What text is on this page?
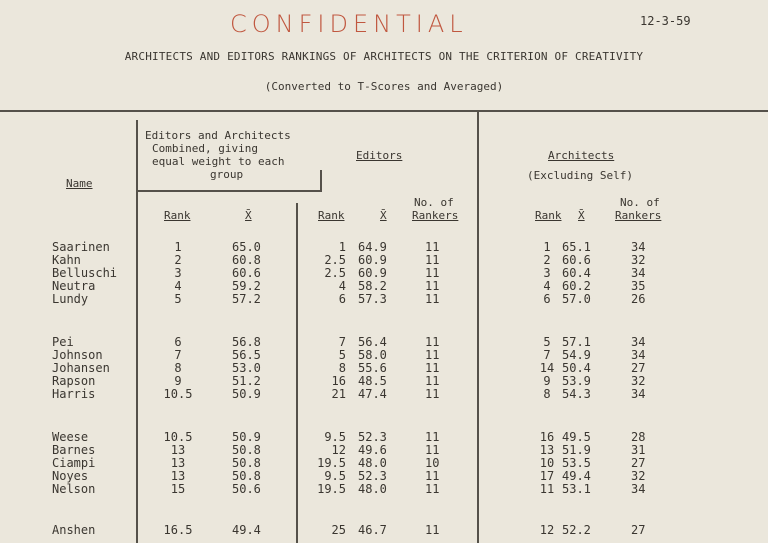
CONFIDENTIAL	12-3-59
ARCHITECTS AND EDITORS RANKINGS OF ARCHITECTS ON THE CRITERION OF CREATIVITY
(Converted to T-Scores and Averaged)
Name
Editors and Architects
Combined, giving
equal weight to each
group
Editors	Architects
(Excluding Self)
Rank	X̄	Rank	X̄
No. of
Rankers	Rank X̄
No. of
Rankers
Saarinen	1	65.0	1 64.9	11	1 65.1	34
Kahn	2	60.8	2.5 60.9	11	2 60.6	32
Belluschi	3	60.6	2.5 60.9	11	3 60.4	34
Neutra	4	59.2	4 58.2	11	4 60.2	35
Lundy	5	57.2	6 57.3	11	6 57.0	26
Pei	6	56.8	7 56.4	11	5 57.1	34
Johnson	7	56.5	5 58.0	11	7 54.9	34
Johansen	8	53.0	8 55.6	11	14 50.4	27
Rapson	9	51.2	16 48.5	11	9 53.9	32
Harris	10.5	50.9	21 47.4	11	8 54.3	34
Weese	10.5	50.9	9.5 52.3	11	16 49.5	28
Barnes	13	50.8	12 49.6	11	13 51.9	31
Ciampi	13	50.8	19.5 48.0	10	10 53.5	27
Noyes	13	50.8	9.5 52.3	11	17 49.4	32
Nelson	15	50.6	19.5 48.0	11	11 53.1	34
Anshen	16.5	49.4	25 46.7	11	12 52.2	27
